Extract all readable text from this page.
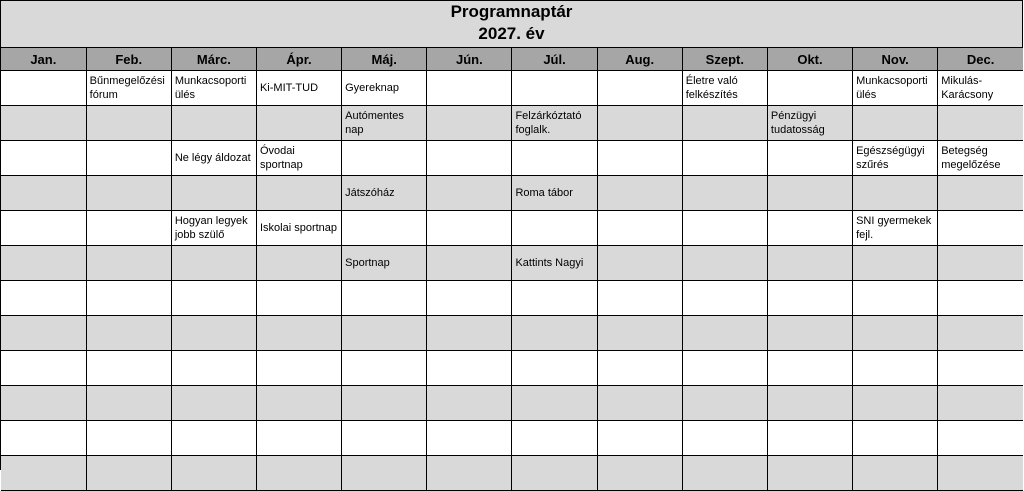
Programnaptár
2027. év
Jan.	Feb.	Márc.	Ápr.	Máj.	Jún.	Júl.	Aug.	Szept.	Okt.	Nov.	Dec.
	Bűnmegelőzési fórum	Munkacsoporti ülés	Ki-MIT-TUD	Gyereknap				Életre való felkészítés		Munkacsoporti ülés	Mikulás-Karácsony
				Autómentes nap		Felzárkóztató foglalk.			Pénzügyi tudatosság		
		Ne légy áldozat	Óvodai sportnap							Egészségügyi szűrés	Betegség megelőzése
				Játszóház		Roma tábor					
		Hogyan legyek jobb szülő	Iskolai sportnap							SNI gyermekek fejl.	
				Sportnap		Kattints Nagyi					
